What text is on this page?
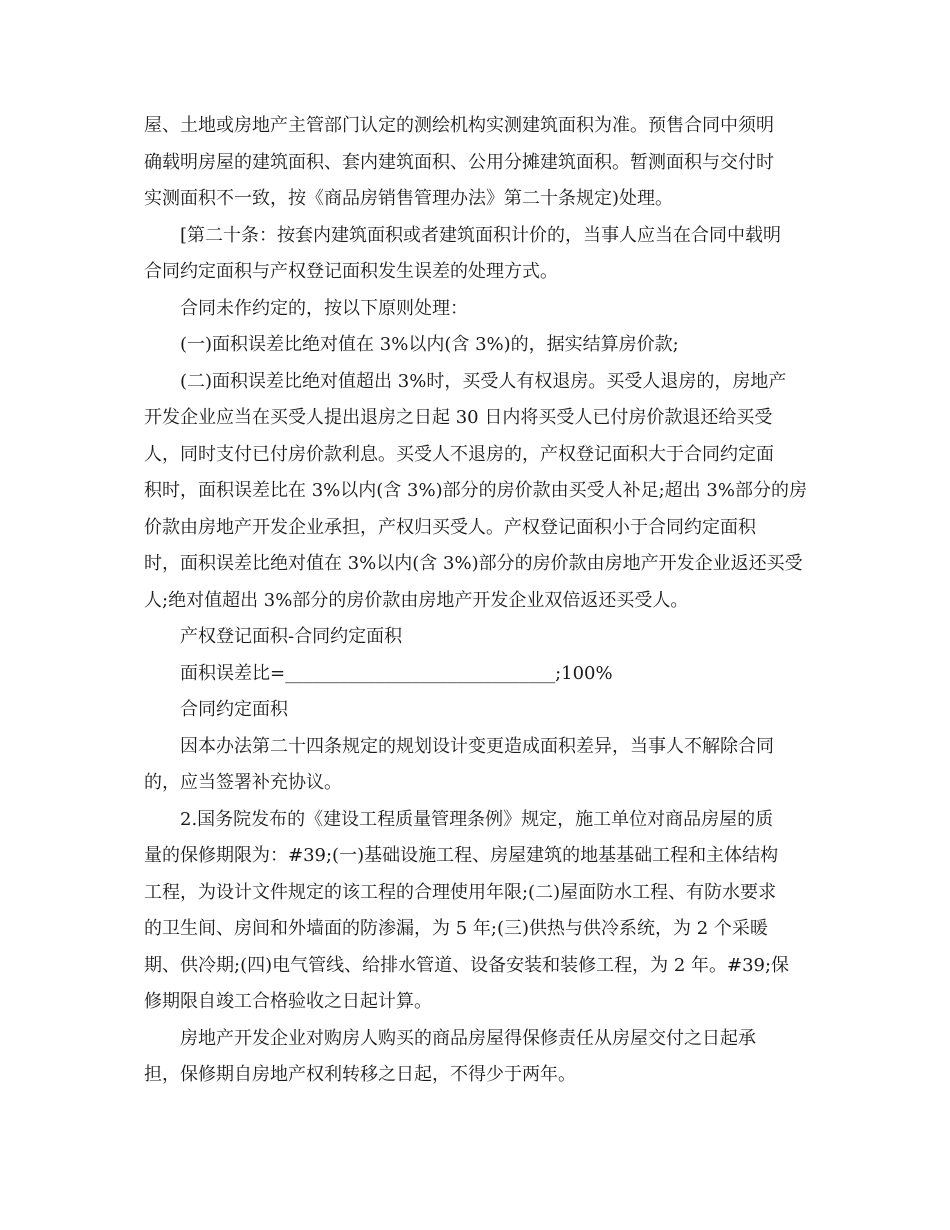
屋、土地或房地产主管部门认定的测绘机构实测建筑面积为准。预售合同中须明
确载明房屋的建筑面积、套内建筑面积、公用分摊建筑面积。暂测面积与交付时
实测面积不一致，按《商品房销售管理办法》第二十条规定)处理。
[第二十条：按套内建筑面积或者建筑面积计价的，当事人应当在合同中载明
合同约定面积与产权登记面积发生误差的处理方式。
合同未作约定的，按以下原则处理：
(一)面积误差比绝对值在 3%以内(含 3%)的，据实结算房价款;
(二)面积误差比绝对值超出 3%时，买受人有权退房。买受人退房的，房地产
开发企业应当在买受人提出退房之日起 30 日内将买受人已付房价款退还给买受
人，同时支付已付房价款利息。买受人不退房的，产权登记面积大于合同约定面
积时，面积误差比在 3%以内(含 3%)部分的房价款由买受人补足;超出 3%部分的房
价款由房地产开发企业承担，产权归买受人。产权登记面积小于合同约定面积
时，面积误差比绝对值在 3%以内(含 3%)部分的房价款由房地产开发企业返还买受
人;绝对值超出 3%部分的房价款由房地产开发企业双倍返还买受人。
产权登记面积-合同约定面积
面积误差比=______________________________;100%
合同约定面积
因本办法第二十四条规定的规划设计变更造成面积差异，当事人不解除合同
的，应当签署补充协议。
2.国务院发布的《建设工程质量管理条例》规定，施工单位对商品房屋的质
量的保修期限为：#39;(一)基础设施工程、房屋建筑的地基基础工程和主体结构
工程，为设计文件规定的该工程的合理使用年限;(二)屋面防水工程、有防水要求
的卫生间、房间和外墙面的防渗漏，为 5 年;(三)供热与供冷系统，为 2 个采暖
期、供冷期;(四)电气管线、给排水管道、设备安装和装修工程，为 2 年。#39;保
修期限自竣工合格验收之日起计算。
房地产开发企业对购房人购买的商品房屋得保修责任从房屋交付之日起承
担，保修期自房地产权利转移之日起，不得少于两年。
